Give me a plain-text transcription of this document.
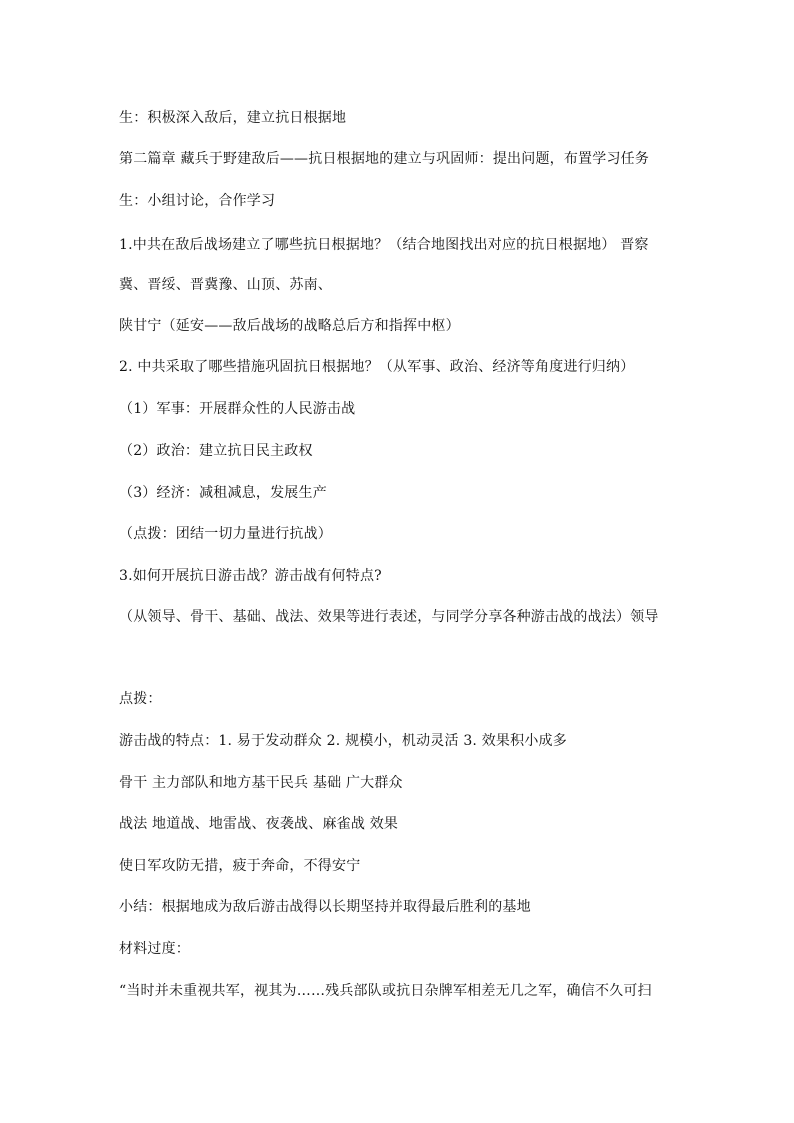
生：积极深入敌后，建立抗日根据地
第二篇章 藏兵于野建敌后——抗日根据地的建立与巩固师：提出问题，布置学习任务
生：小组讨论，合作学习
1.中共在敌后战场建立了哪些抗日根据地？（结合地图找出对应的抗日根据地） 晋察
冀、晋绥、晋冀豫、山顶、苏南、
陕甘宁（延安——敌后战场的战略总后方和指挥中枢）
2. 中共采取了哪些措施巩固抗日根据地？（从军事、政治、经济等角度进行归纳）
（1）军事：开展群众性的人民游击战
（2）政治：建立抗日民主政权
（3）经济：减租减息，发展生产
（点拨：团结一切力量进行抗战）
3.如何开展抗日游击战？游击战有何特点?
（从领导、骨干、基础、战法、效果等进行表述，与同学分享各种游击战的战法）领导
点拨：
游击战的特点：1. 易于发动群众 2. 规模小，机动灵活 3. 效果积小成多
骨干 主力部队和地方基干民兵 基础 广大群众
战法 地道战、地雷战、夜袭战、麻雀战 效果
使日军攻防无措，疲于奔命，不得安宁
小结：根据地成为敌后游击战得以长期坚持并取得最后胜利的基地
材料过度：
“当时并未重视共军，视其为……残兵部队或抗日杂牌军相差无几之军，确信不久可扫
